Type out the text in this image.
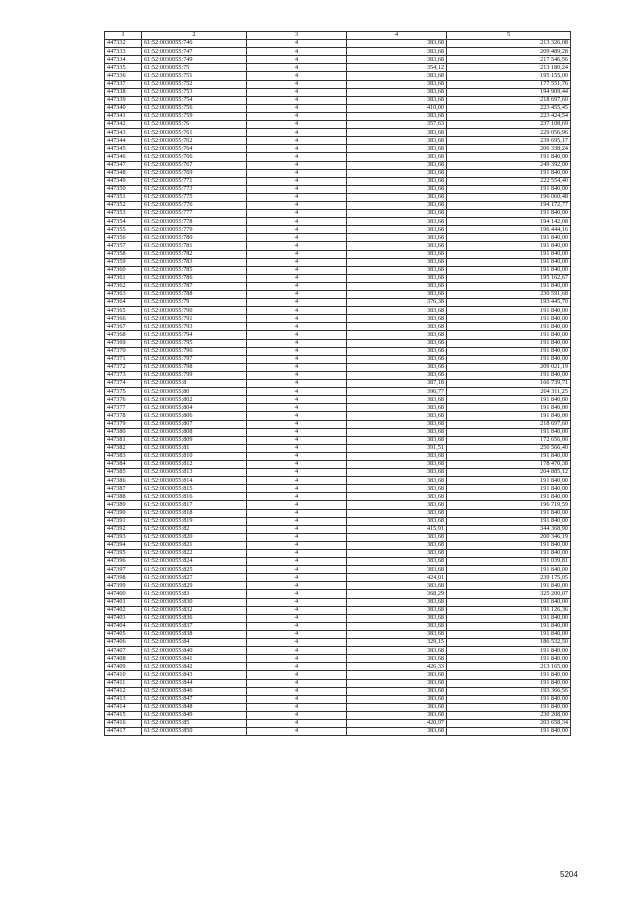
1	2	3	4	5
447332	61:52:0030055:746	4	383,68	213 326,08
447333	61:52:0030055:747	4	383,68	209 489,28
447334	61:52:0030055:749	4	383,68	217 546,56
447335	61:52:0030055:75	4	354,12	213 180,24
447336	61:52:0030055:751	4	383,68	195 155,00
447337	61:52:0030055:752	4	383,68	177 551,76
447338	61:52:0030055:753	4	383,68	194 909,44
447339	61:52:0030055:754	4	383,68	218 697,60
447340	61:52:0030055:756	4	410,00	223 455,45
447341	61:52:0030055:759	4	383,68	223 424,54
447342	61:52:0030055:76	4	357,63	237 108,69
447343	61:52:0030055:761	4	383,68	229 056,96
447344	61:52:0030055:762	4	383,68	239 695,17
447345	61:52:0030055:764	4	383,68	206 338,24
447346	61:52:0030055:766	4	383,68	191 840,00
447347	61:52:0030055:767	4	383,68	249 392,00
447348	61:52:0030055:769	4	383,68	191 840,00
447349	61:52:0030055:771	4	383,68	222 554,40
447350	61:52:0030055:773	4	383,68	191 840,00
447351	61:52:0030055:775	4	383,68	196 060,48
447352	61:52:0030055:776	4	383,68	194 172,77
447353	61:52:0030055:777	4	383,68	191 840,00
447354	61:52:0030055:778	4	383,68	194 142,08
447355	61:52:0030055:779	4	383,68	196 444,16
447356	61:52:0030055:780	4	383,68	191 840,00
447357	61:52:0030055:781	4	383,68	191 840,00
447358	61:52:0030055:782	4	383,68	191 840,00
447359	61:52:0030055:783	4	383,68	191 840,00
447360	61:52:0030055:785	4	383,68	191 840,00
447361	61:52:0030055:786	4	383,68	195 162,67
447362	61:52:0030055:787	4	383,68	191 840,00
447363	61:52:0030055:788	4	383,68	230 591,68
447364	61:52:0030055:79	4	376,38	193 445,70
447365	61:52:0030055:790	4	383,68	191 840,00
447366	61:52:0030055:791	4	383,68	191 840,00
447367	61:52:0030055:793	4	383,68	191 840,00
447368	61:52:0030055:794	4	383,68	191 840,00
447369	61:52:0030055:795	4	383,68	191 840,00
447370	61:52:0030055:796	4	383,68	191 840,00
447371	61:52:0030055:797	4	383,68	191 840,00
447372	61:52:0030055:798	4	383,68	209 021,19
447373	61:52:0030055:799	4	383,68	191 840,00
447374	61:52:0030055:8	4	387,18	166 739,71
447375	61:52:0030055:80	4	396,77	204 311,25
447376	61:52:0030055:802	4	383,68	191 840,00
447377	61:52:0030055:804	4	383,68	191 840,00
447378	61:52:0030055:806	4	383,68	191 840,00
447379	61:52:0030055:807	4	383,68	218 697,60
447380	61:52:0030055:808	4	383,68	191 840,00
447381	61:52:0030055:809	4	383,68	172 656,00
447382	61:52:0030055:81	4	391,51	250 566,40
447383	61:52:0030055:810	4	383,68	191 840,00
447384	61:52:0030055:812	4	383,68	178 470,38
447385	61:52:0030055:813	4	383,68	204 885,12
447386	61:52:0030055:814	4	383,68	191 840,00
447387	61:52:0030055:815	4	383,68	191 840,00
447388	61:52:0030055:816	4	383,68	191 840,00
447389	61:52:0030055:817	4	383,68	196 719,59
447390	61:52:0030055:818	4	383,68	191 840,00
447391	61:52:0030055:819	4	383,68	191 840,00
447392	61:52:0030055:82	4	415,91	344 368,90
447393	61:52:0030055:820	4	383,68	200 346,19
447394	61:52:0030055:821	4	383,68	191 840,00
447395	61:52:0030055:822	4	383,68	191 840,00
447396	61:52:0030055:824	4	383,68	191 039,81
447397	61:52:0030055:825	4	383,68	191 840,00
447398	61:52:0030055:827	4	424,01	239 175,05
447399	61:52:0030055:829	4	383,68	191 840,00
447400	61:52:0030055:83	4	368,29	325 200,07
447401	61:52:0030055:830	4	383,68	191 840,00
447402	61:52:0030055:832	4	383,68	191 126,36
447403	61:52:0030055:836	4	383,68	191 840,00
447404	61:52:0030055:837	4	383,68	191 840,00
447405	61:52:0030055:838	4	383,68	191 840,00
447406	61:52:0030055:84	4	329,15	186 532,50
447407	61:52:0030055:840	4	383,68	191 840,00
447408	61:52:0030055:841	4	383,68	191 840,00
447409	61:52:0030055:842	4	426,33	213 165,00
447410	61:52:0030055:843	4	383,68	191 840,00
447411	61:52:0030055:844	4	383,68	191 840,00
447412	61:52:0030055:846	4	383,68	193 366,56
447413	61:52:0030055:847	4	383,68	191 840,00
447414	61:52:0030055:848	4	383,68	191 840,00
447415	61:52:0030055:849	4	383,68	230 208,00
447416	61:52:0030055:85	4	420,07	203 658,34
447417	61:52:0030055:850	4	383,68	191 840,00
5204
